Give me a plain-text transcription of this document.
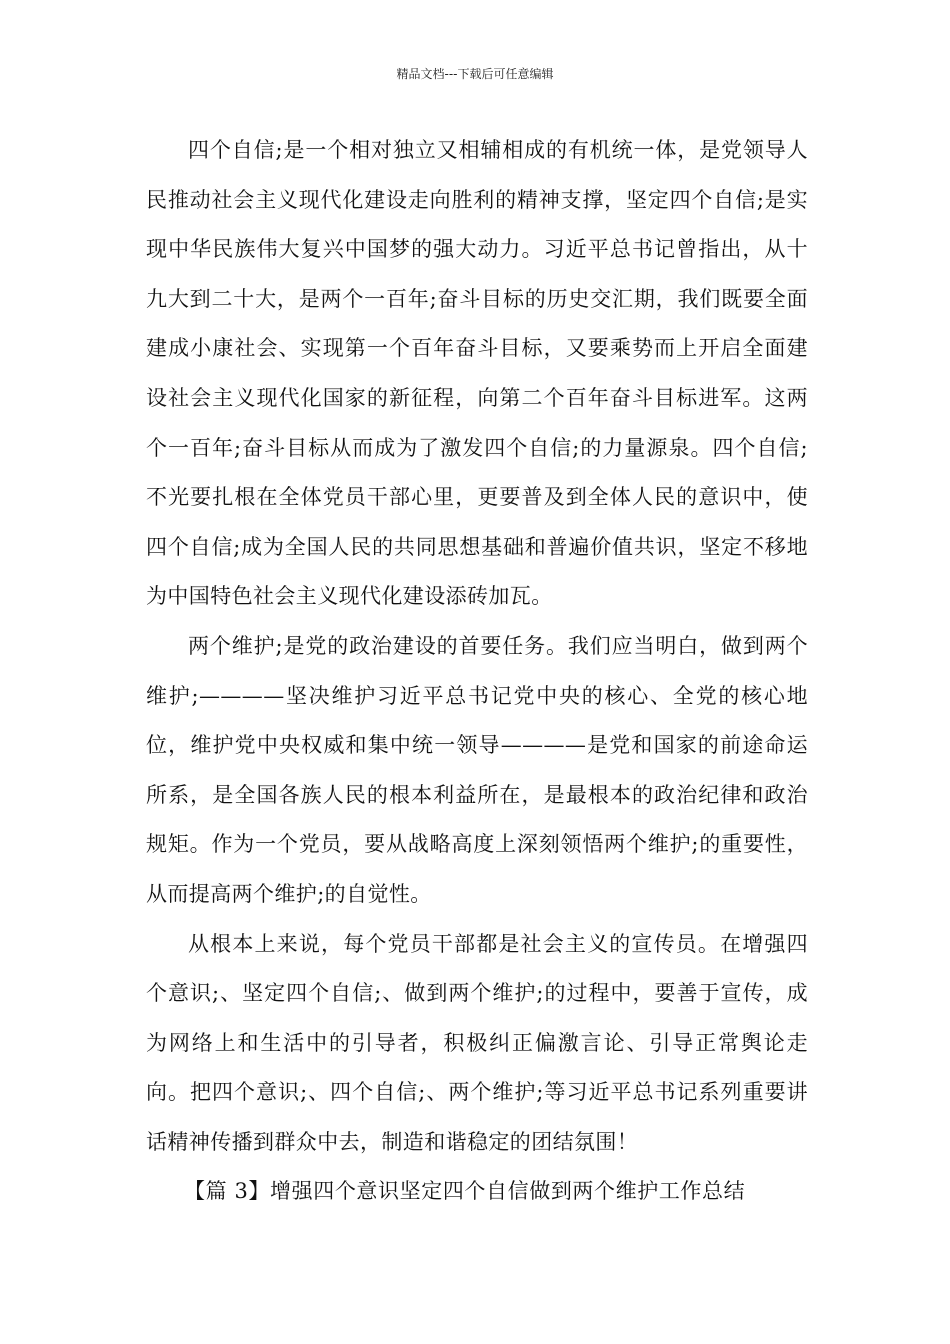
精品文档---下载后可任意编辑

四个自信;是一个相对独立又相辅相成的有机统一体，是党领导人民推动社会主义现代化建设走向胜利的精神支撑，坚定四个自信;是实现中华民族伟大复兴中国梦的强大动力。习近平总书记曾指出，从十九大到二十大，是两个一百年;奋斗目标的历史交汇期，我们既要全面建成小康社会、实现第一个百年奋斗目标，又要乘势而上开启全面建设社会主义现代化国家的新征程，向第二个百年奋斗目标进军。这两个一百年;奋斗目标从而成为了激发四个自信;的力量源泉。四个自信;不光要扎根在全体党员干部心里，更要普及到全体人民的意识中，使四个自信;成为全国人民的共同思想基础和普遍价值共识，坚定不移地为中国特色社会主义现代化建设添砖加瓦。

两个维护;是党的政治建设的首要任务。我们应当明白，做到两个维护;————坚决维护习近平总书记党中央的核心、全党的核心地位，维护党中央权威和集中统一领导————是党和国家的前途命运所系，是全国各族人民的根本利益所在，是最根本的政治纪律和政治规矩。作为一个党员，要从战略高度上深刻领悟两个维护;的重要性，从而提高两个维护;的自觉性。

从根本上来说，每个党员干部都是社会主义的宣传员。在增强四个意识;、坚定四个自信;、做到两个维护;的过程中，要善于宣传，成为网络上和生活中的引导者，积极纠正偏激言论、引导正常舆论走向。把四个意识;、四个自信;、两个维护;等习近平总书记系列重要讲话精神传播到群众中去，制造和谐稳定的团结氛围！

【篇 3】增强四个意识坚定四个自信做到两个维护工作总结
